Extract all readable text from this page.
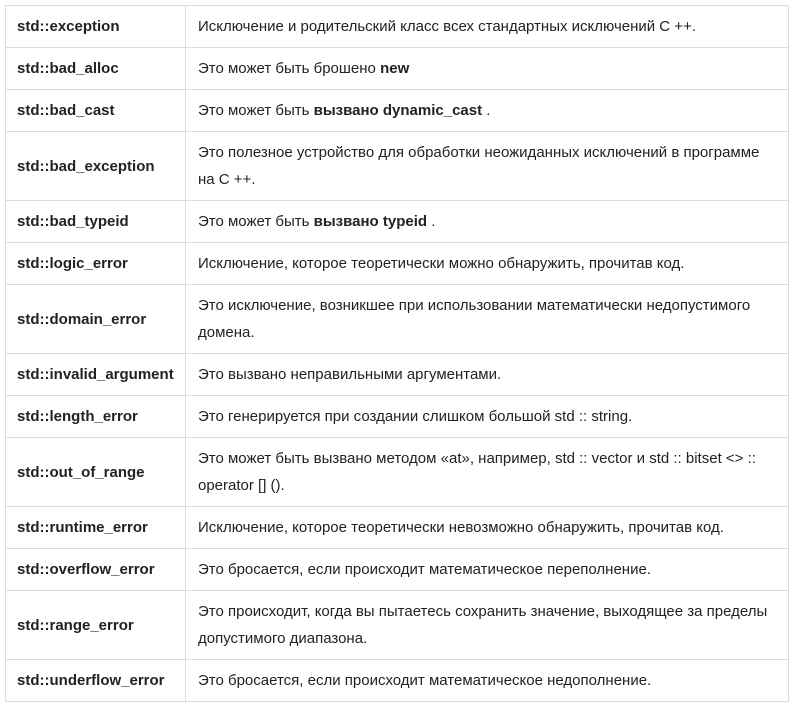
std::exception	Исключение и родительский класс всех стандартных исключений C ++.
std::bad_alloc	Это может быть брошено new
std::bad_cast	Это может быть вызвано dynamic_cast .
std::bad_exception	Это полезное устройство для обработки неожиданных исключений в программе на C ++.
std::bad_typeid	Это может быть вызвано typeid .
std::logic_error	Исключение, которое теоретически можно обнаружить, прочитав код.
std::domain_error	Это исключение, возникшее при использовании математически недопустимого домена.
std::invalid_argument	Это вызвано неправильными аргументами.
std::length_error	Это генерируется при создании слишком большой std :: string.
std::out_of_range	Это может быть вызвано методом «at», например, std :: vector и std :: bitset <> :: operator [] ().
std::runtime_error	Исключение, которое теоретически невозможно обнаружить, прочитав код.
std::overflow_error	Это бросается, если происходит математическое переполнение.
std::range_error	Это происходит, когда вы пытаетесь сохранить значение, выходящее за пределы допустимого диапазона.
std::underflow_error	Это бросается, если происходит математическое недополнение.
